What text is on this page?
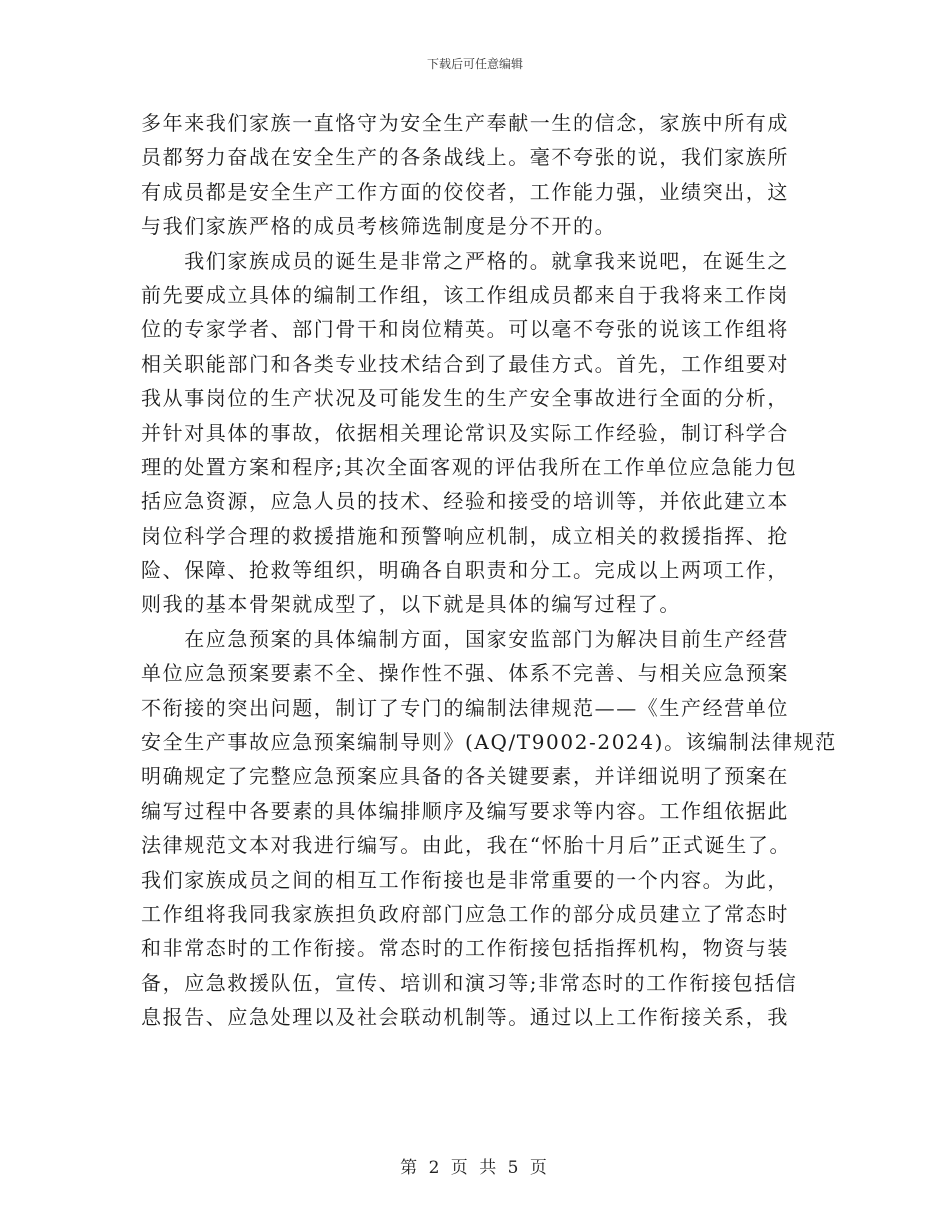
下载后可任意编辑
多年来我们家族一直恪守为安全生产奉献一生的信念，家族中所有成
员都努力奋战在安全生产的各条战线上。毫不夸张的说，我们家族所
有成员都是安全生产工作方面的佼佼者，工作能力强，业绩突出，这
与我们家族严格的成员考核筛选制度是分不开的。
　　我们家族成员的诞生是非常之严格的。就拿我来说吧，在诞生之
前先要成立具体的编制工作组，该工作组成员都来自于我将来工作岗
位的专家学者、部门骨干和岗位精英。可以毫不夸张的说该工作组将
相关职能部门和各类专业技术结合到了最佳方式。首先，工作组要对
我从事岗位的生产状况及可能发生的生产安全事故进行全面的分析，
并针对具体的事故，依据相关理论常识及实际工作经验，制订科学合
理的处置方案和程序;其次全面客观的评估我所在工作单位应急能力包
括应急资源，应急人员的技术、经验和接受的培训等，并依此建立本
岗位科学合理的救援措施和预警响应机制，成立相关的救援指挥、抢
险、保障、抢救等组织，明确各自职责和分工。完成以上两项工作，
则我的基本骨架就成型了，以下就是具体的编写过程了。
　　在应急预案的具体编制方面，国家安监部门为解决目前生产经营
单位应急预案要素不全、操作性不强、体系不完善、与相关应急预案
不衔接的突出问题，制订了专门的编制法律规范——《生产经营单位
安全生产事故应急预案编制导则》(AQ/T9002-2024)。该编制法律规范
明确规定了完整应急预案应具备的各关键要素，并详细说明了预案在
编写过程中各要素的具体编排顺序及编写要求等内容。工作组依据此
法律规范文本对我进行编写。由此，我在“怀胎十月后”正式诞生了。
我们家族成员之间的相互工作衔接也是非常重要的一个内容。为此，
工作组将我同我家族担负政府部门应急工作的部分成员建立了常态时
和非常态时的工作衔接。常态时的工作衔接包括指挥机构，物资与装
备，应急救援队伍，宣传、培训和演习等;非常态时的工作衔接包括信
息报告、应急处理以及社会联动机制等。通过以上工作衔接关系，我
第 2 页 共 5 页
